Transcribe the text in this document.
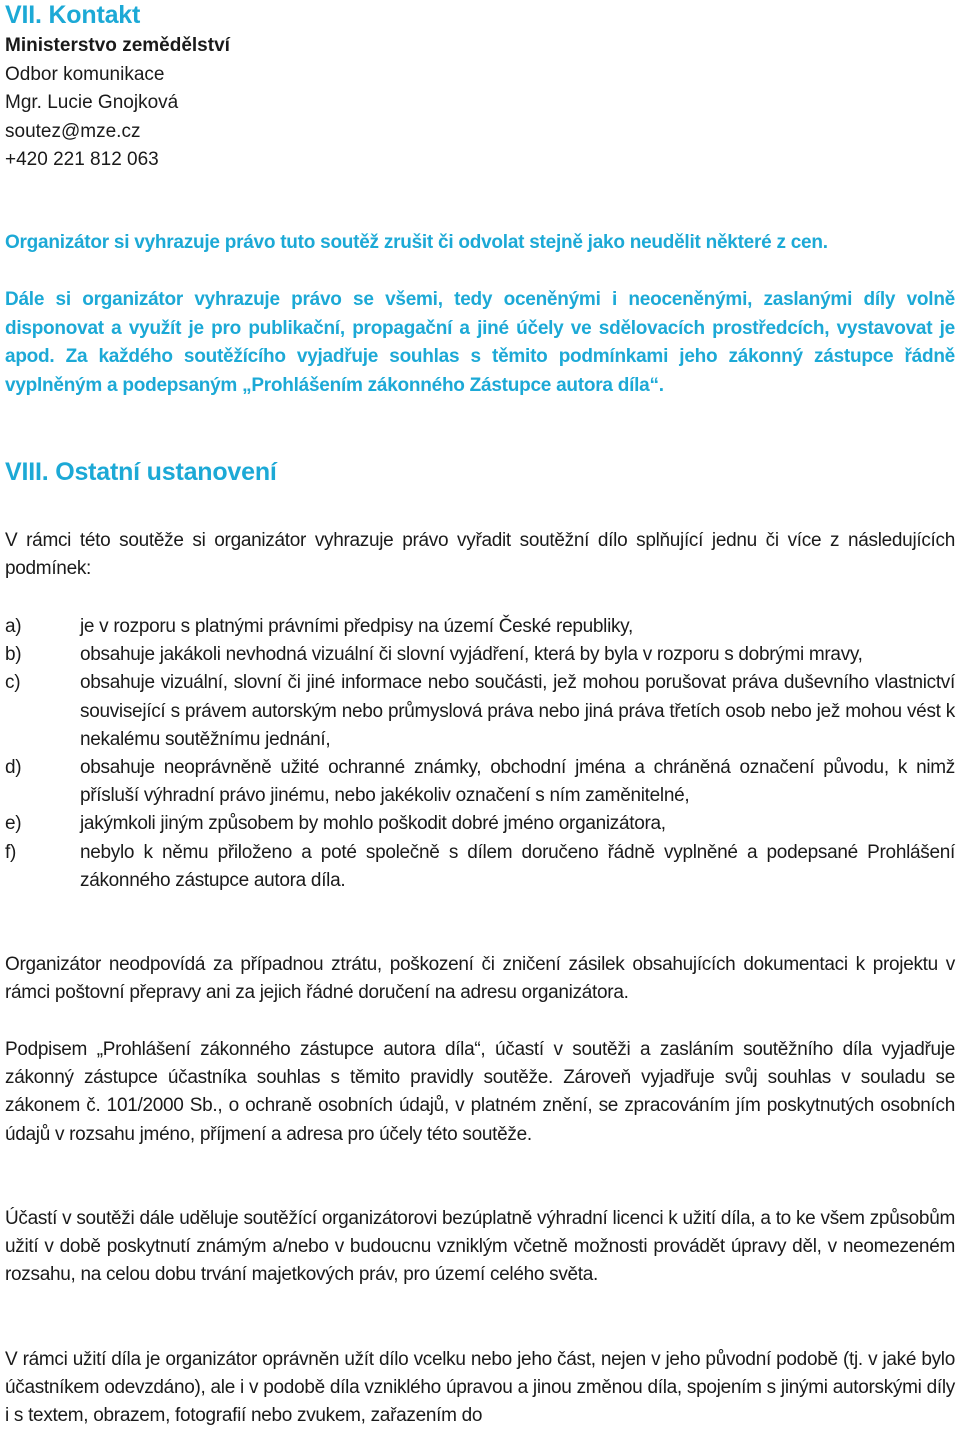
VII. Kontakt
Ministerstvo zemědělství
Odbor komunikace
Mgr. Lucie Gnojková
soutez@mze.cz
+420 221 812 063
Organizátor si vyhrazuje právo tuto soutěž zrušit či odvolat stejně jako neudělit některé z cen.
Dále si organizátor vyhrazuje právo se všemi, tedy oceněnými i neoceněnými, zaslanými díly volně disponovat a využít je pro publikační, propagační a jiné účely ve sdělovacích prostředcích, vystavovat je apod. Za každého soutěžícího vyjadřuje souhlas s těmito podmínkami jeho zákonný zástupce řádně vyplněným a podepsaným „Prohlášením zákonného Zástupce autora díla“.
VIII. Ostatní ustanovení
V rámci této soutěže si organizátor vyhrazuje právo vyřadit soutěžní dílo splňující jednu či více z následujících podmínek:
a)	je v rozporu s platnými právními předpisy na území České republiky,
b)	obsahuje jakákoli nevhodná vizuální či slovní vyjádření, která by byla v rozporu s dobrými mravy,
c)	obsahuje vizuální, slovní či jiné informace nebo součásti, jež mohou porušovat práva duševního vlastnictví související s právem autorským nebo průmyslová práva nebo jiná práva třetích osob nebo jež mohou vést k nekalému soutěžnímu jednání,
d)	obsahuje neoprávněně užité ochranné známky, obchodní jména a chráněná označení původu, k nimž přísluší výhradní právo jinému, nebo jakékoliv označení s ním zaměnitelné,
e)	jakýmkoli jiným způsobem by mohlo poškodit dobré jméno organizátora,
f)	nebylo k němu přiloženo a poté společně s dílem doručeno řádně vyplněné a podepsané Prohlášení zákonného zástupce autora díla.
Organizátor neodpovídá za případnou ztrátu, poškození či zničení zásilek obsahujících dokumentaci k projektu v rámci poštovní přepravy ani za jejich řádné doručení na adresu organizátora.
Podpisem „Prohlášení zákonného zástupce autora díla“, účastí v soutěži a zasláním soutěžního díla vyjadřuje zákonný zástupce účastníka souhlas s těmito pravidly soutěže. Zároveň vyjadřuje svůj souhlas v souladu se zákonem č. 101/2000 Sb., o ochraně osobních údajů, v platném znění, se zpracováním jím poskytnutých osobních údajů v rozsahu jméno, příjmení a adresa pro účely této soutěže.
Účastí v soutěži dále uděluje soutěžící organizátorovi bezúplatně výhradní licenci k užití díla, a to ke všem způsobům užití v době poskytnutí známým a/nebo v budoucnu vzniklým včetně možnosti provádět úpravy děl, v neomezeném rozsahu, na celou dobu trvání majetkových práv, pro území celého světa.
V rámci užití díla je organizátor oprávněn užít dílo vcelku nebo jeho část, nejen v jeho původní podobě (tj. v jaké bylo účastníkem odevzdáno), ale i v podobě díla vzniklého úpravou a jinou změnou díla, spojením s jinými autorskými díly i s textem, obrazem, fotografií nebo zvukem, zařazením do
